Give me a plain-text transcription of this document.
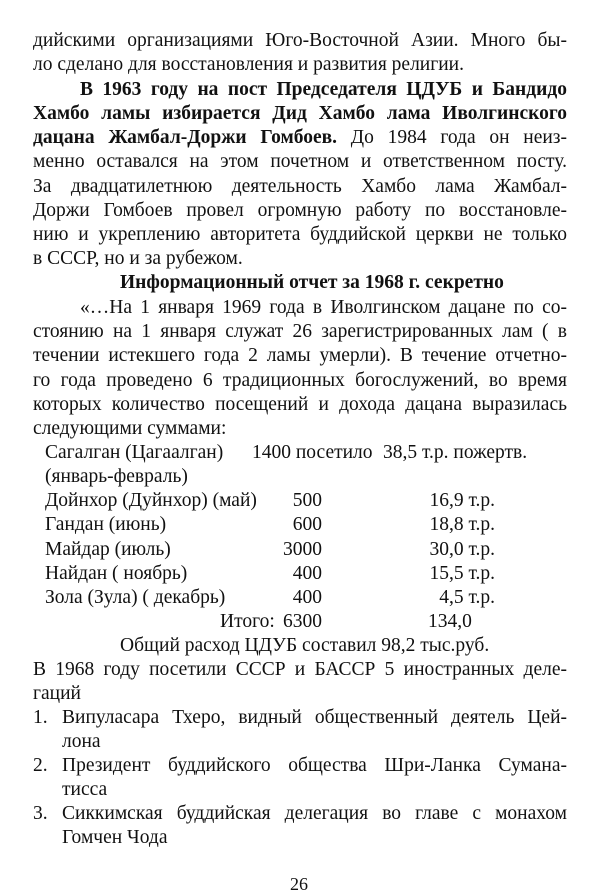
дийскими организациями Юго-Восточной Азии. Много бы-
ло сделано для восстановления и развития религии.
В 1963 году на пост Председателя ЦДУБ и Бандидо
Хамбо ламы избирается Дид Хамбо лама Иволгинского
дацана Жамбал-Доржи Гомбоев. До 1984 года он неиз-
менно оставался на этом почетном и ответственном посту.
За двадцатилетнюю деятельность Хамбо лама Жамбал-
Доржи Гомбоев провел огромную работу по восстановле-
нию и укреплению авторитета буддийской церкви не только
в СССР, но и за рубежом.
Информационный отчет за 1968 г. секретно
«…На 1 января 1969 года в Иволгинском дацане по со-
стоянию на 1 января служат 26 зарегистрированных лам ( в
течении истекшего года 2 ламы умерли). В течение отчетно-
го года проведено 6 традиционных богослужений, во время
которых количество посещений и дохода дацана выразилась
следующими суммами:
Сагалган (Цагаалган) 1400 посетило 38,5 т.р. пожертв.
(январь-февраль)
Дойнхор (Дуйнхор) (май)	500	16,9 т.р.
Гандан (июнь)	600	18,8 т.р.
Майдар (июль)	3000	30,0 т.р.
Найдан ( ноябрь)	400	15,5 т.р.
Зола (Зула) ( декабрь)	400	4,5 т.р.
Итого: 6300	134,0
Общий расход ЦДУБ составил 98,2 тыс.руб.
В 1968 году посетили СССР и БАССР 5 иностранных деле-
гаций
1. Випуласара Тхеро, видный общественный деятель Цей-
лона
2. Президент буддийского общества Шри-Ланка Сумана-
тисса
3. Сиккимская буддийская делегация во главе с монахом
Гомчен Чода
26
